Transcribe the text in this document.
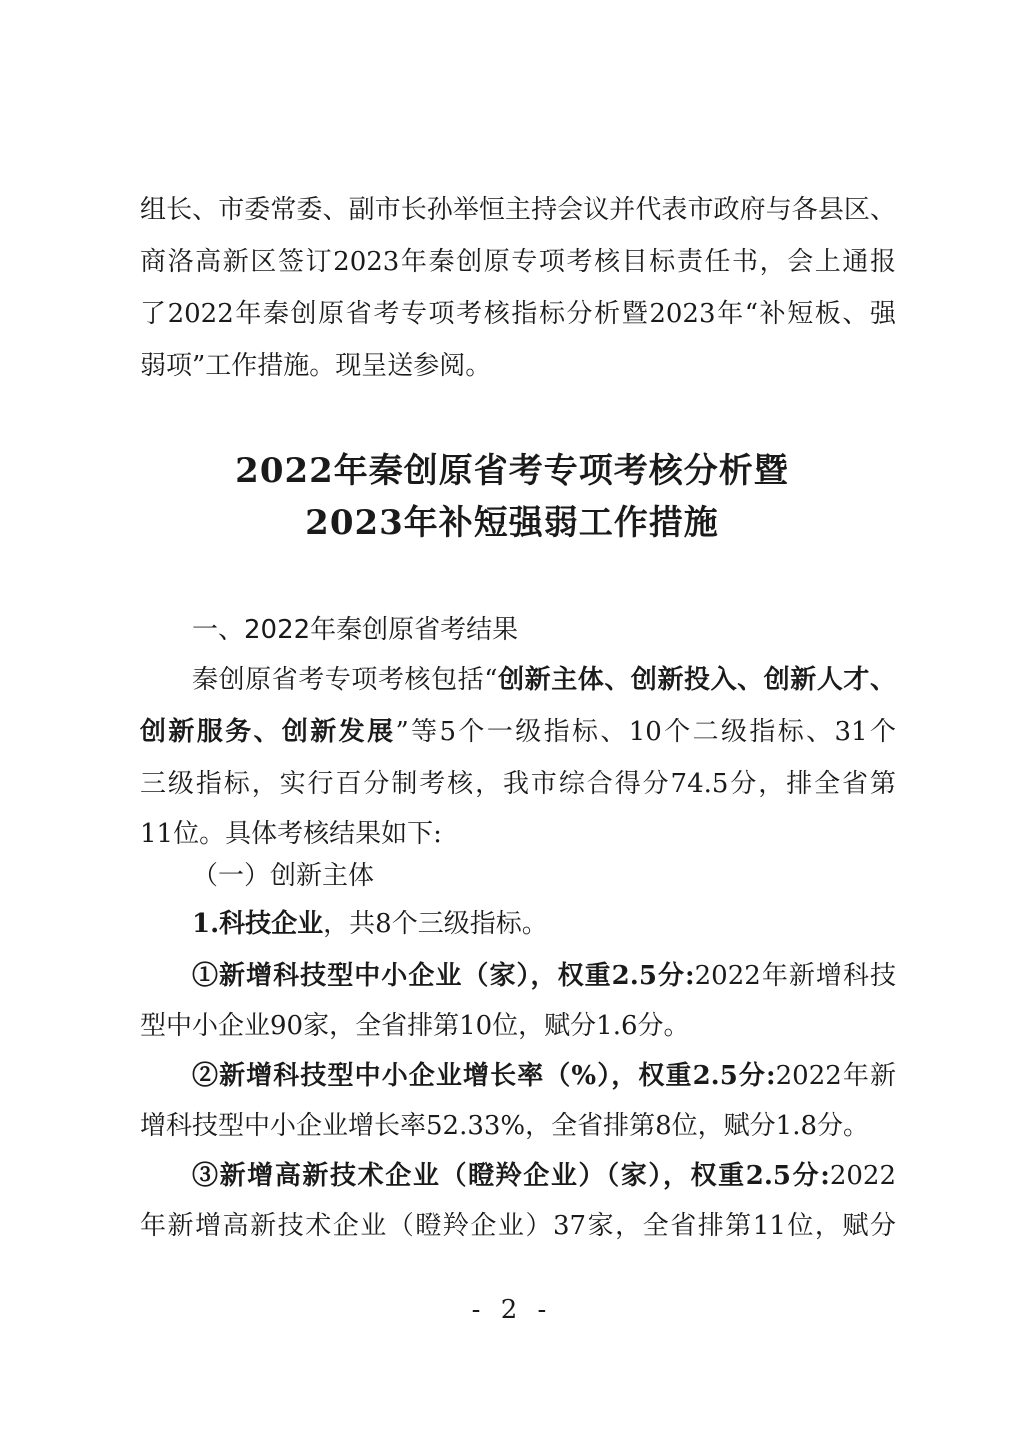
组长、市委常委、副市长孙举恒主持会议并代表市政府与各县区、
商洛高新区签订2023年秦创原专项考核目标责任书，会上通报
了2022年秦创原省考专项考核指标分析暨2023年“补短板、强
弱项”工作措施。现呈送参阅。
2022年秦创原省考专项考核分析暨
2023年补短强弱工作措施
一、2022年秦创原省考结果
秦创原省考专项考核包括“创新主体、创新投入、创新人才、
创新服务、创新发展”等5个一级指标、10个二级指标、31个
三级指标，实行百分制考核，我市综合得分74.5分，排全省第
11位。具体考核结果如下:
（一）创新主体
1.科技企业，共8个三级指标。
①新增科技型中小企业（家），权重2.5分:2022年新增科技
型中小企业90家，全省排第10位，赋分1.6分。
②新增科技型中小企业增长率（%），权重2.5分:2022年新
增科技型中小企业增长率52.33%，全省排第8位，赋分1.8分。
③新增高新技术企业（瞪羚企业）（家），权重2.5分:2022
年新增高新技术企业（瞪羚企业）37家，全省排第11位，赋分
- 2 -
